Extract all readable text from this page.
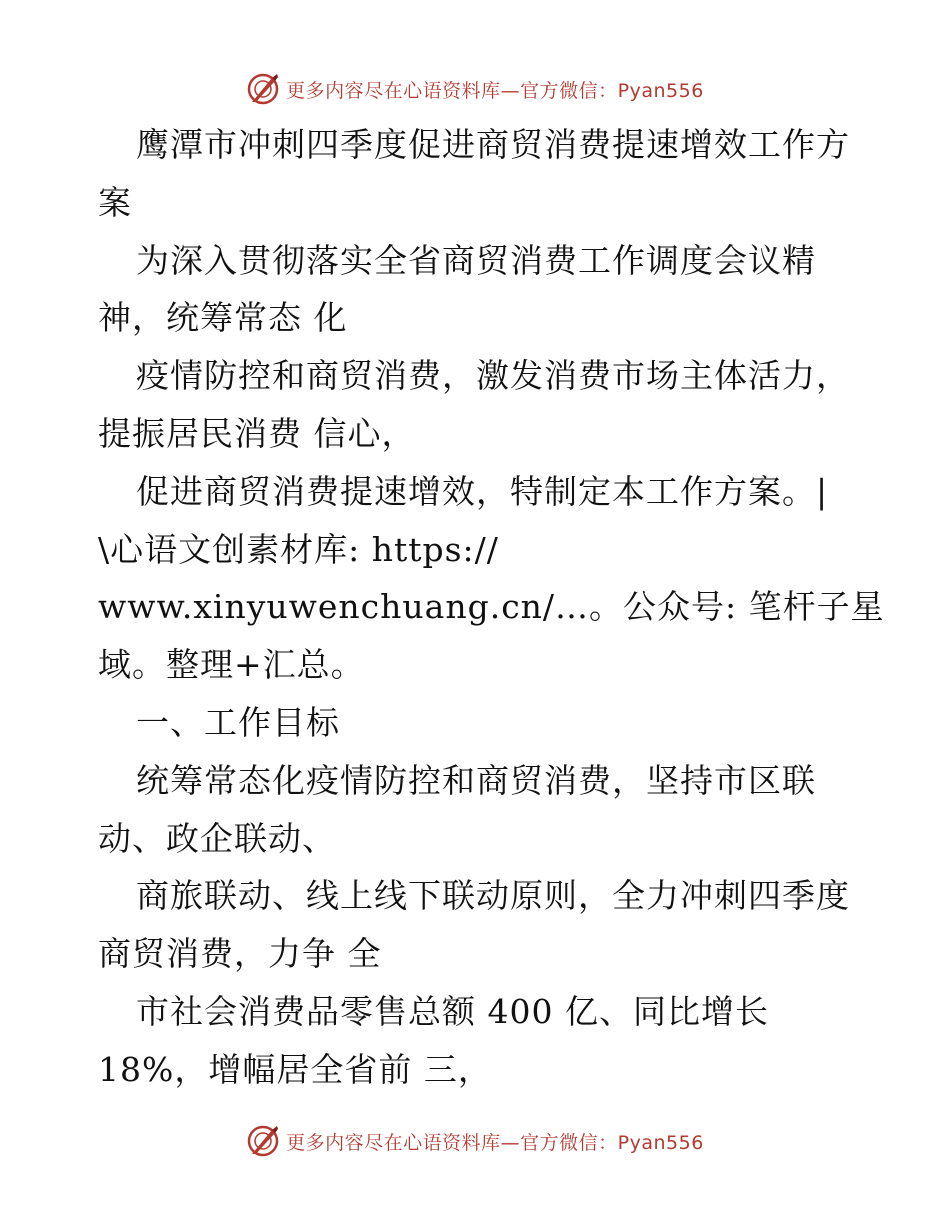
更多内容尽在心语资料库—官方微信：Pyan556
鹰潭市冲刺四季度促进商贸消费提速增效工作方
案
为深入贯彻落实全省商贸消费工作调度会议精
神，统筹常态 化
疫情防控和商贸消费，激发消费市场主体活力，
提振居民消费 信心，
促进商贸消费提速增效，特制定本工作方案。|
\心语文创素材库: https://
www.xinyuwenchuang.cn/…。公众号: 笔杆子星
域。整理+汇总。
一、工作目标
统筹常态化疫情防控和商贸消费，坚持市区联
动、政企联动、
商旅联动、线上线下联动原则，全力冲刺四季度
商贸消费，力争 全
市社会消费品零售总额 400 亿、同比增长
18%，增幅居全省前 三，
更多内容尽在心语资料库—官方微信：Pyan556
